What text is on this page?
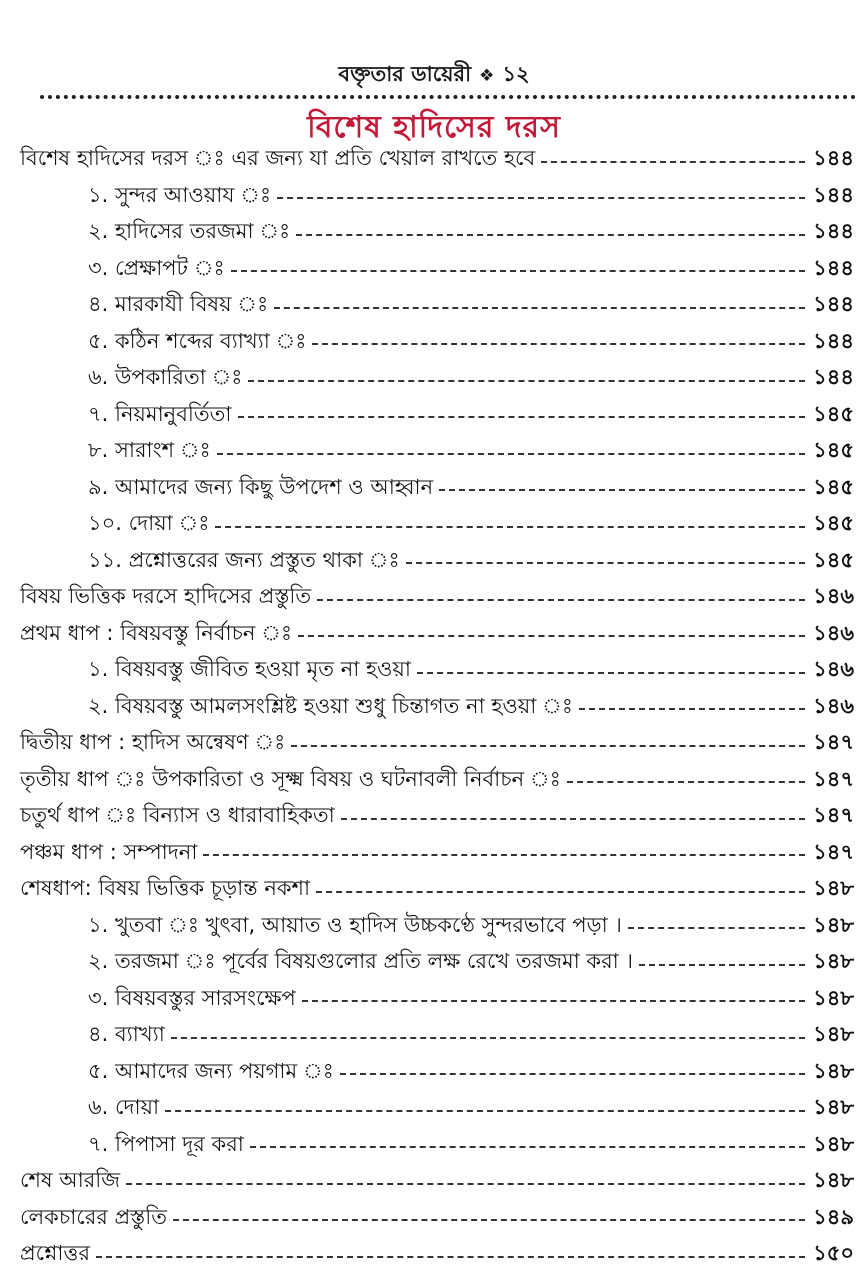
বক্তৃতার ডায়েরী ❖ ১২
বিশেষ হাদিসের দরস
বিশেষ হাদিসের দরস ঃ এর জন্য যা প্রতি খেয়াল রাখতে হবে	১৪৪
১. সুন্দর আওয়ায ঃ	১৪৪
২. হাদিসের তরজমা ঃ	১৪৪
৩. প্রেক্ষাপট ঃ	১৪৪
৪. মারকাযী বিষয় ঃ	১৪৪
৫. কঠিন শব্দের ব্যাখ্যা ঃ	১৪৪
৬. উপকারিতা ঃ	১৪৪
৭. নিয়মানুবর্তিতা	১৪৫
৮. সারাংশ ঃ	১৪৫
৯. আমাদের জন্য কিছু উপদেশ ও আহ্বান	১৪৫
১০. দোয়া ঃ	১৪৫
১১. প্রশ্নোত্তরের জন্য প্রস্তুত থাকা ঃ	১৪৫
বিষয় ভিত্তিক দরসে হাদিসের প্রস্তুতি	১৪৬
প্রথম ধাপ : বিষয়বস্তু নির্বাচন ঃ	১৪৬
১. বিষয়বস্তু জীবিত হওয়া মৃত না হওয়া	১৪৬
২. বিষয়বস্তু আমলসংশ্লিষ্ট হওয়া শুধু চিন্তাগত না হওয়া ঃ	১৪৬
দ্বিতীয় ধাপ : হাদিস অন্বেষণ ঃ	১৪৭
তৃতীয় ধাপ ঃ উপকারিতা ও সূক্ষ্ম বিষয় ও ঘটনাবলী নির্বাচন ঃ	১৪৭
চতুর্থ ধাপ ঃ বিন্যাস ও ধারাবাহিকতা	১৪৭
পঞ্চম ধাপ : সম্পাদনা	১৪৭
শেষধাপ: বিষয় ভিত্তিক চূড়ান্ত নকশা	১৪৮
১. খুতবা ঃ খুৎবা, আয়াত ও হাদিস উচ্চকণ্ঠে সুন্দরভাবে পড়া ।	১৪৮
২. তরজমা ঃ পূর্বের বিষয়গুলোর প্রতি লক্ষ রেখে তরজমা করা ।	১৪৮
৩. বিষয়বস্তুর সারসংক্ষেপ	১৪৮
৪. ব্যাখ্যা	১৪৮
৫. আমাদের জন্য পয়গাম ঃ	১৪৮
৬. দোয়া	১৪৮
৭. পিপাসা দূর করা	১৪৮
শেষ আরজি	১৪৮
লেকচারের প্রস্তুতি	১৪৯
প্রশ্নোত্তর	১৫০
